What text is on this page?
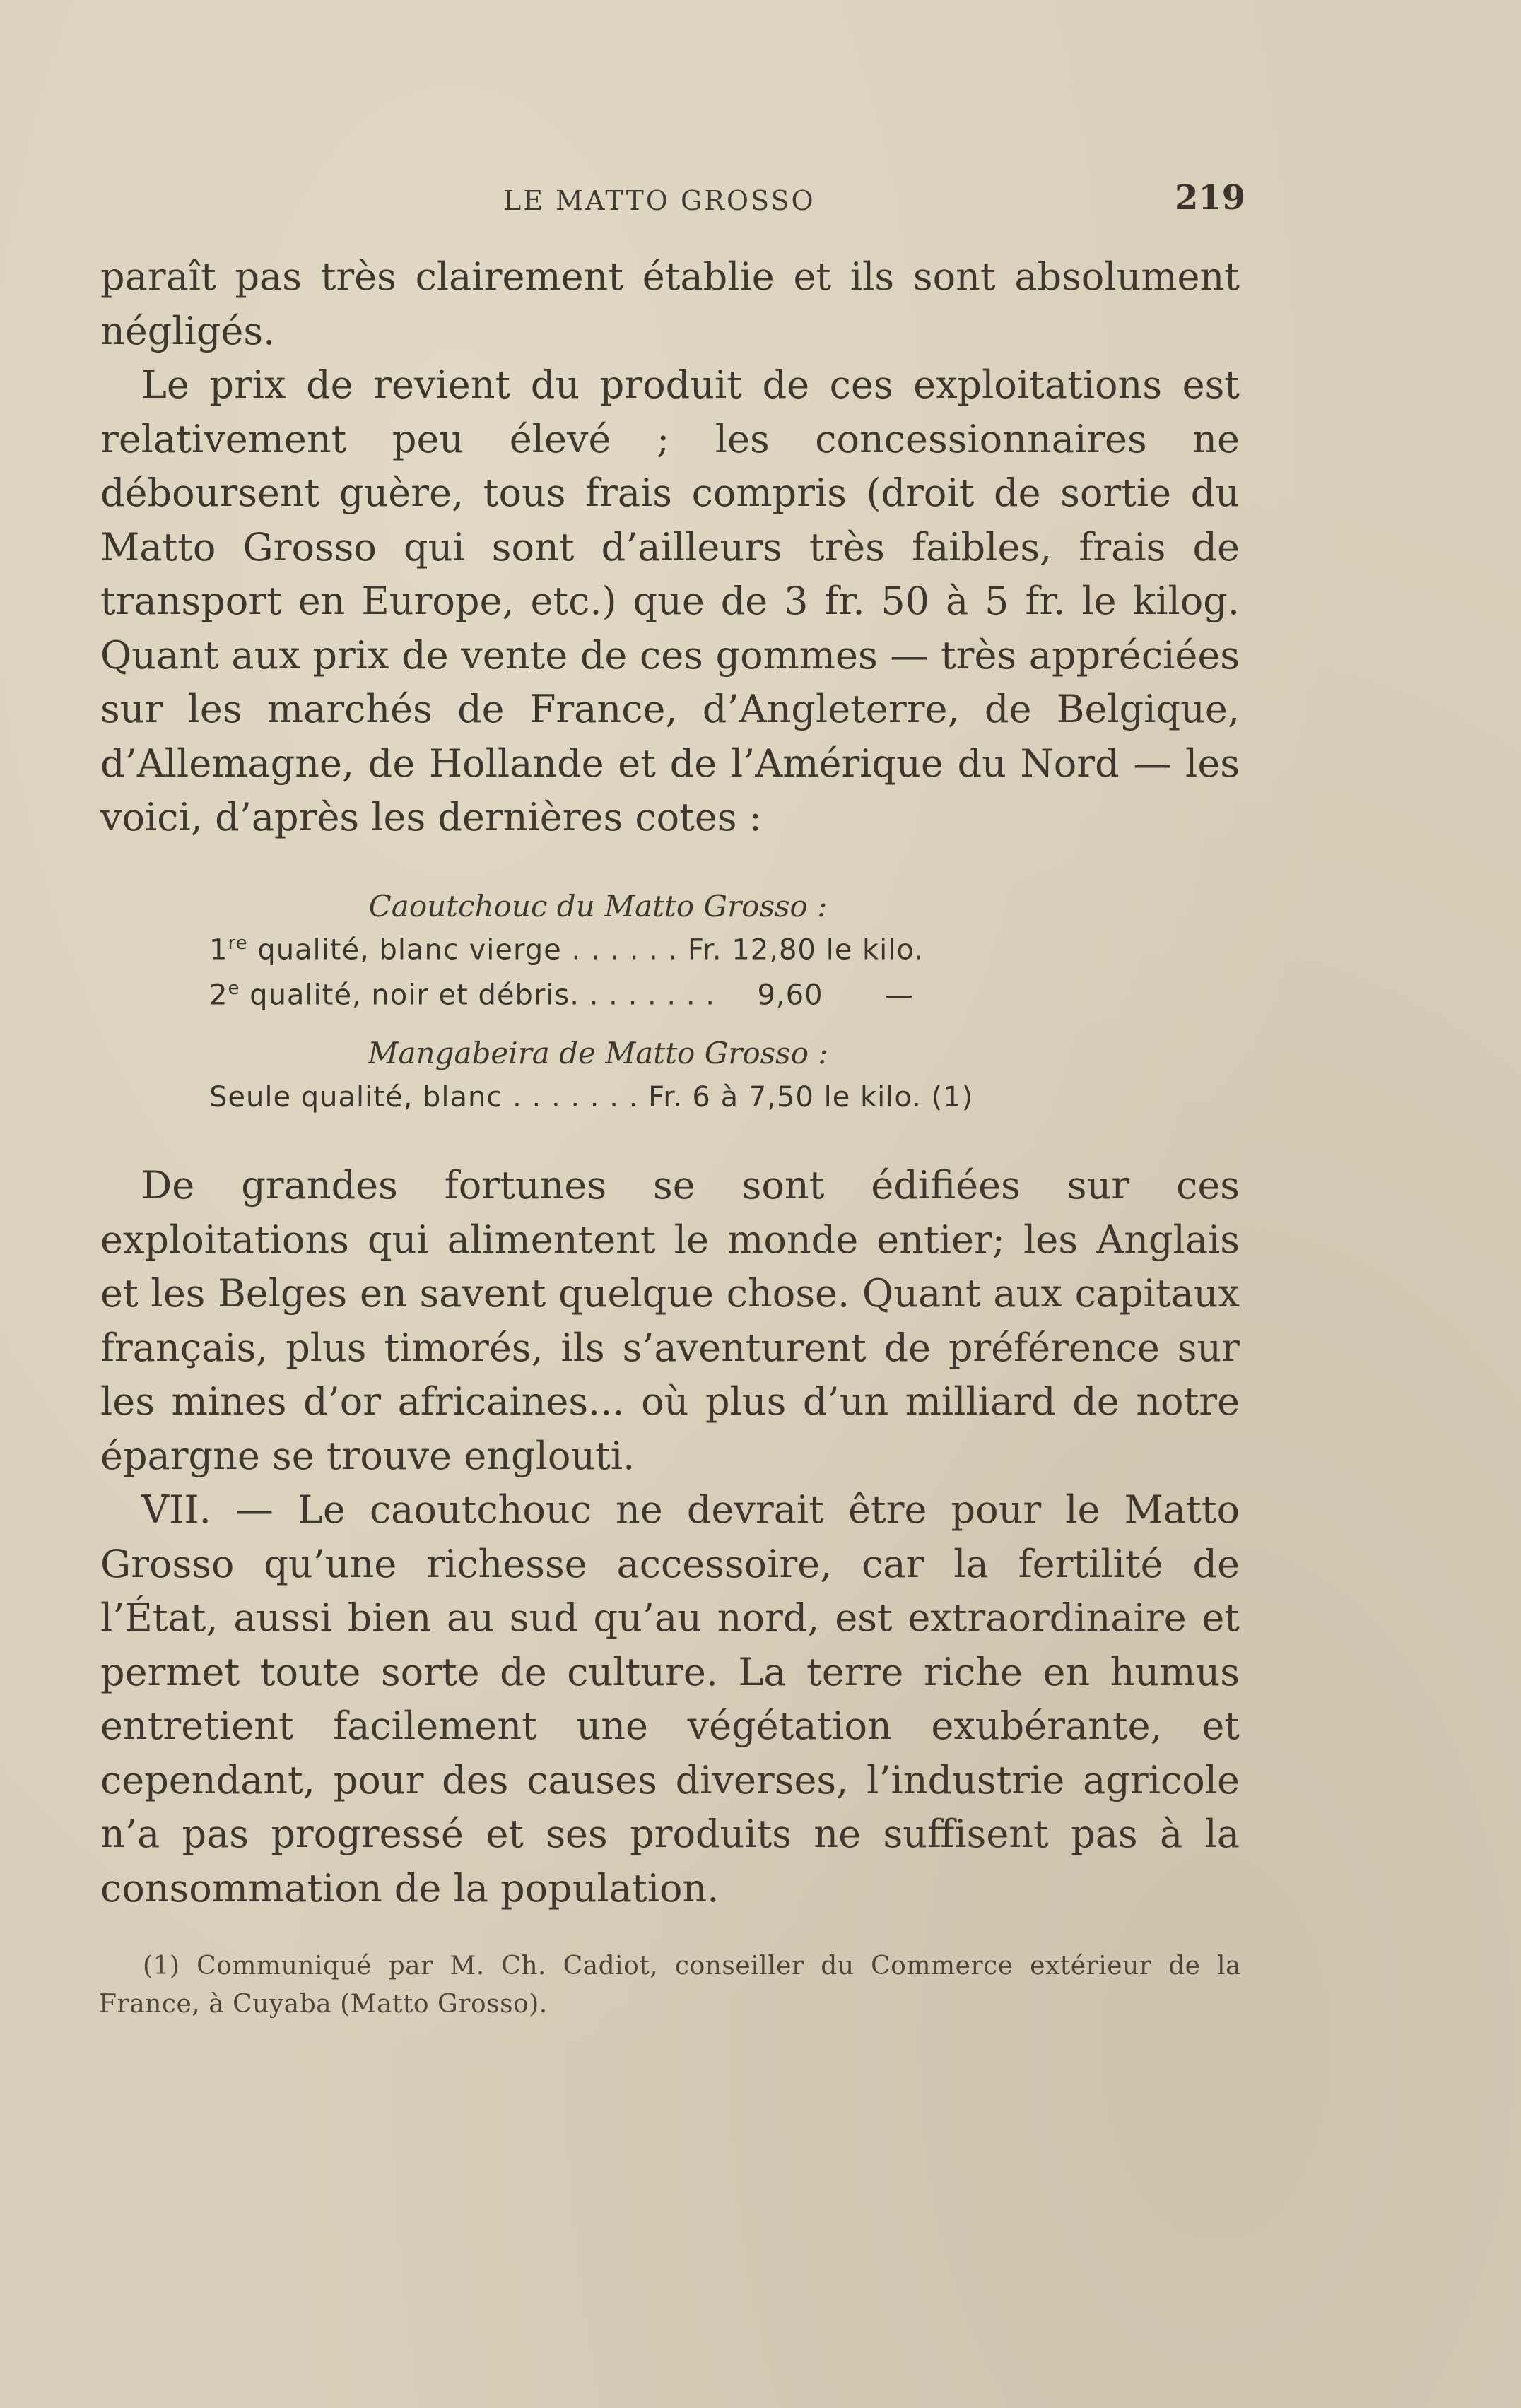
LE MATTO GROSSO	219

paraît pas très clairement établie et ils sont absolument négligés.

Le prix de revient du produit de ces exploitations est relativement peu élevé ; les concessionnaires ne déboursent guère, tous frais compris (droit de sortie du Matto Grosso qui sont d’ailleurs très faibles, frais de transport en Europe, etc.) que de 3 fr. 50 à 5 fr. le kilog. Quant aux prix de vente de ces gommes — très appréciées sur les marchés de France, d’Angleterre, de Belgique, d’Allemagne, de Hollande et de l’Amérique du Nord — les voici, d’après les dernières cotes :

Caoutchouc du Matto Grosso :
1re qualité, blanc vierge . . . . . . Fr. 12,80 le kilo.
2e qualité, noir et débris. . . . . . . . 9,60 —
Mangabeira de Matto Grosso :
Seule qualité, blanc . . . . . . . Fr. 6 à 7,50 le kilo. (1)

De grandes fortunes se sont édifiées sur ces exploitations qui alimentent le monde entier; les Anglais et les Belges en savent quelque chose. Quant aux capitaux français, plus timorés, ils s’aventurent de préférence sur les mines d’or africaines... où plus d’un milliard de notre épargne se trouve englouti.

VII. — Le caoutchouc ne devrait être pour le Matto Grosso qu’une richesse accessoire, car la fertilité de l’État, aussi bien au sud qu’au nord, est extraordinaire et permet toute sorte de culture. La terre riche en humus entretient facilement une végétation exubérante, et cependant, pour des causes diverses, l’industrie agricole n’a pas progressé et ses produits ne suffisent pas à la consommation de la population.

(1) Communiqué par M. Ch. Cadiot, conseiller du Commerce extérieur de la France, à Cuyaba (Matto Grosso).
